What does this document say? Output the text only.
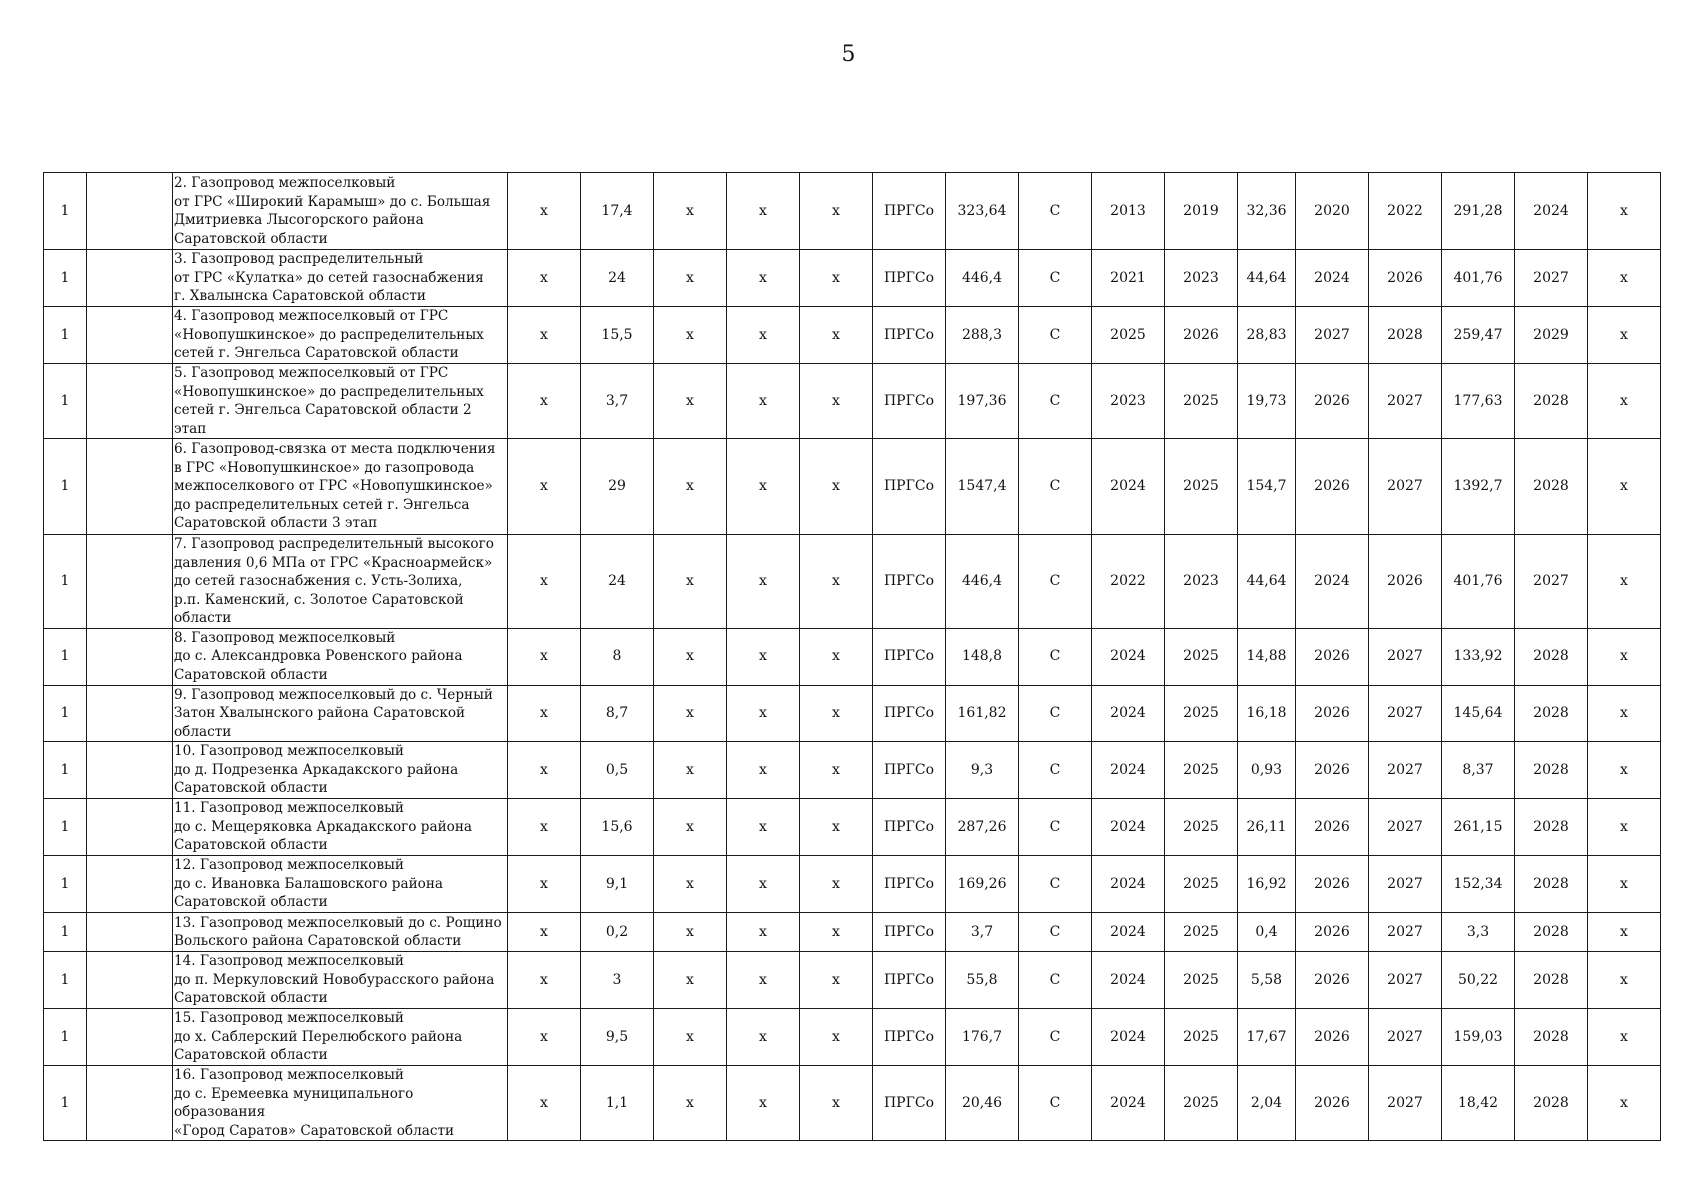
5
1		2. Газопровод межпоселковый
от ГРС «Широкий Карамыш» до с. Большая
Дмитриевка Лысогорского района
Саратовской области	x	17,4	x	x	x	ПРГСо	323,64	С	2013	2019	32,36	2020	2022	291,28	2024	x
1		3. Газопровод распределительный
от ГРС «Кулатка» до сетей газоснабжения
г. Хвалынска Саратовской области	x	24	x	x	x	ПРГСо	446,4	С	2021	2023	44,64	2024	2026	401,76	2027	x
1		4. Газопровод межпоселковый от ГРС
«Новопушкинское» до распределительных
сетей г. Энгельса Саратовской области	x	15,5	x	x	x	ПРГСо	288,3	С	2025	2026	28,83	2027	2028	259,47	2029	x
1		5. Газопровод межпоселковый от ГРС
«Новопушкинское» до распределительных
сетей г. Энгельса Саратовской области 2 этап	x	3,7	x	x	x	ПРГСо	197,36	С	2023	2025	19,73	2026	2027	177,63	2028	x
1		6. Газопровод-связка от места подключения
в ГРС «Новопушкинское» до газопровода
межпоселкового от ГРС «Новопушкинское»
до распределительных сетей г. Энгельса
Саратовской области 3 этап	x	29	x	x	x	ПРГСо	1547,4	С	2024	2025	154,7	2026	2027	1392,7	2028	x
1		7. Газопровод распределительный высокого
давления 0,6 МПа от ГРС «Красноармейск»
до сетей газоснабжения с. Усть-Золиха,
р.п. Каменский, с. Золотое Саратовской области	x	24	x	x	x	ПРГСо	446,4	С	2022	2023	44,64	2024	2026	401,76	2027	x
1		8. Газопровод межпоселковый
до с. Александровка Ровенского района
Саратовской области	x	8	x	x	x	ПРГСо	148,8	С	2024	2025	14,88	2026	2027	133,92	2028	x
1		9. Газопровод межпоселковый до с. Черный
Затон Хвалынского района Саратовской области	x	8,7	x	x	x	ПРГСо	161,82	С	2024	2025	16,18	2026	2027	145,64	2028	x
1		10. Газопровод межпоселковый
до д. Подрезенка Аркадакского района
Саратовской области	x	0,5	x	x	x	ПРГСо	9,3	С	2024	2025	0,93	2026	2027	8,37	2028	x
1		11. Газопровод межпоселковый
до с. Мещеряковка Аркадакского района
Саратовской области	x	15,6	x	x	x	ПРГСо	287,26	С	2024	2025	26,11	2026	2027	261,15	2028	x
1		12. Газопровод межпоселковый
до с. Ивановка Балашовского района
Саратовской области	x	9,1	x	x	x	ПРГСо	169,26	С	2024	2025	16,92	2026	2027	152,34	2028	x
1		13. Газопровод межпоселковый до с. Рощино
Вольского района Саратовской области	x	0,2	x	x	x	ПРГСо	3,7	С	2024	2025	0,4	2026	2027	3,3	2028	x
1		14. Газопровод межпоселковый
до п. Меркуловский Новобурасского района
Саратовской области	x	3	x	x	x	ПРГСо	55,8	С	2024	2025	5,58	2026	2027	50,22	2028	x
1		15. Газопровод межпоселковый
до х. Саблерский Перелюбского района
Саратовской области	x	9,5	x	x	x	ПРГСо	176,7	С	2024	2025	17,67	2026	2027	159,03	2028	x
1		16. Газопровод межпоселковый
до с. Еремеевка муниципального образования
«Город Саратов» Саратовской области	x	1,1	x	x	x	ПРГСо	20,46	С	2024	2025	2,04	2026	2027	18,42	2028	x
